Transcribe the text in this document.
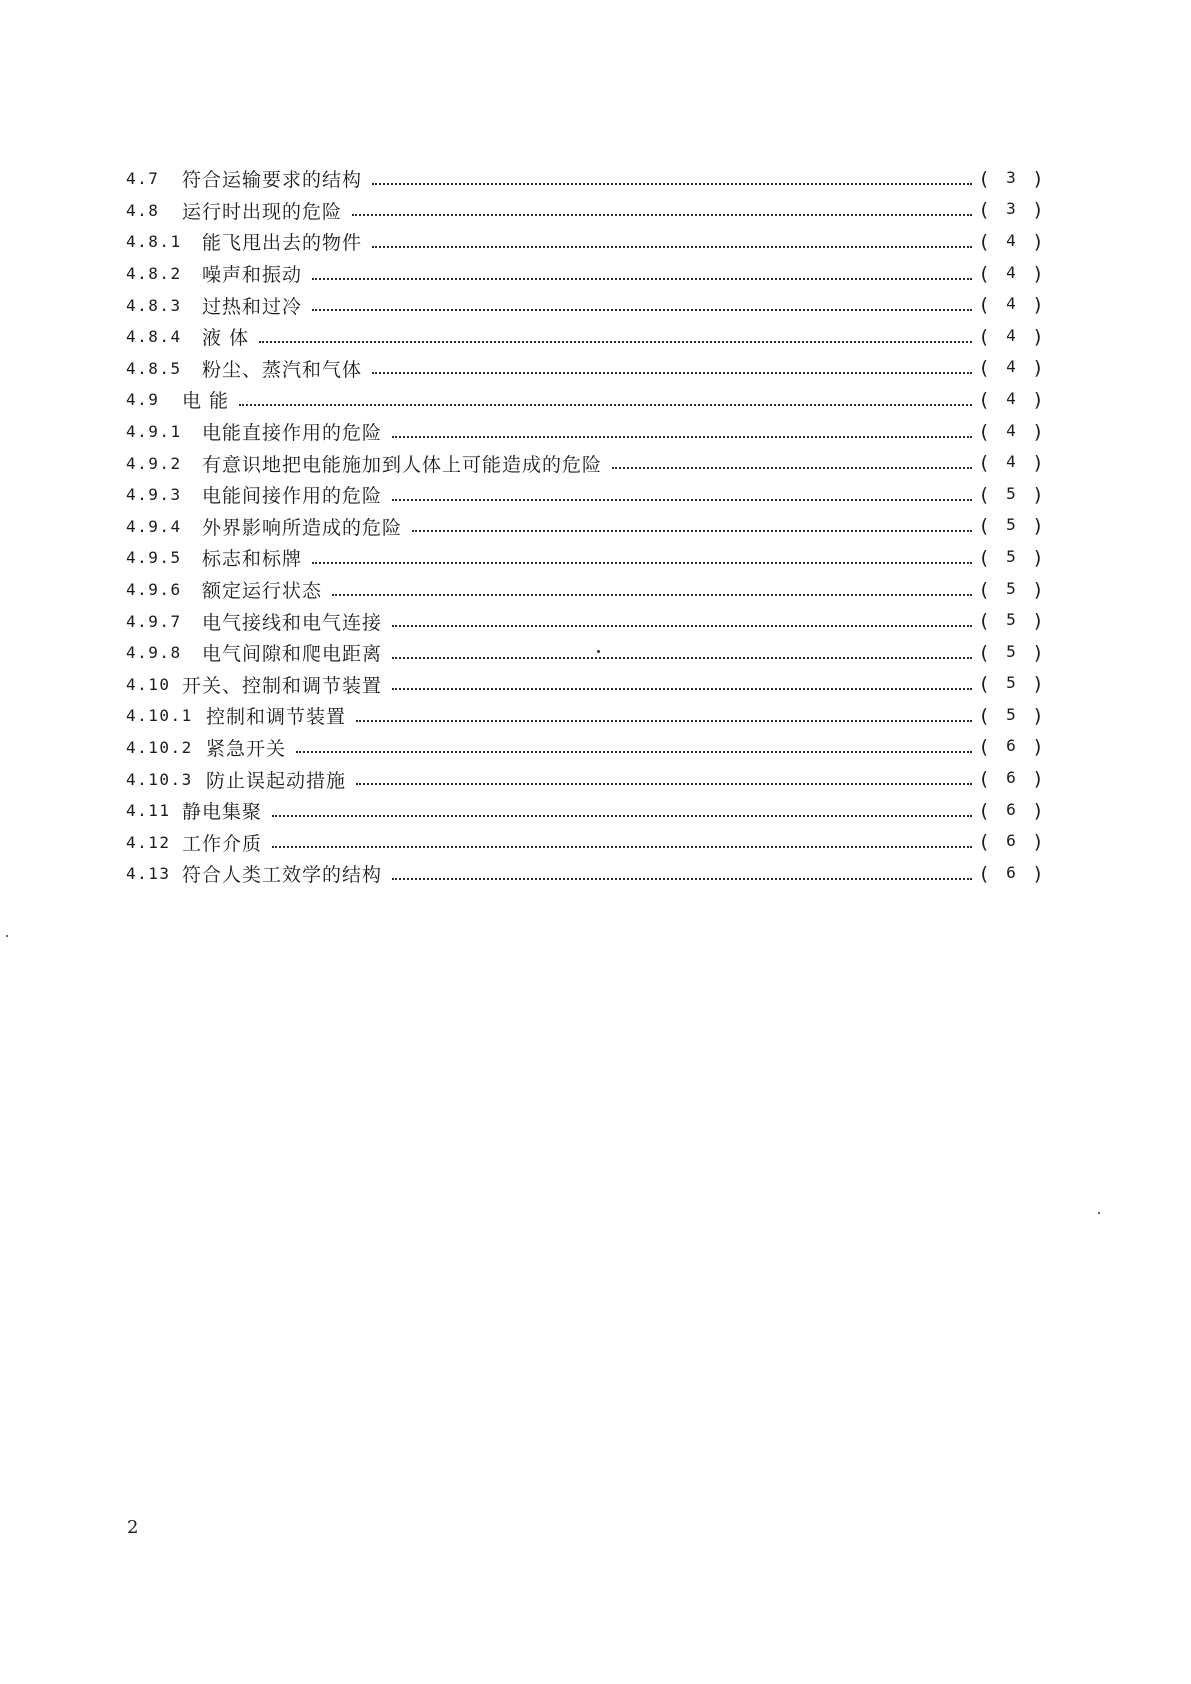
4.7	符合运输要求的结构	(	3 )
4.8	运行时出现的危险	(	3 )
4.8.1	能飞甩出去的物件	(	4 )
4.8.2	噪声和振动	(	4 )
4.8.3	过热和过冷	(	4 )
4.8.4	液 体	(	4 )
4.8.5	粉尘、蒸汽和气体	(	4 )
4.9	电 能	(	4 )
4.9.1	电能直接作用的危险	(	4 )
4.9.2	有意识地把电能施加到人体上可能造成的危险	(	4 )
4.9.3	电能间接作用的危险	(	5 )
4.9.4	外界影响所造成的危险	(	5 )
4.9.5	标志和标牌	(	5 )
4.9.6	额定运行状态	(	5 )
4.9.7	电气接线和电气连接	(	5 )
4.9.8	电气间隙和爬电距离	(	5 )
4.10 开关、控制和调节装置	(	5 )
4.10.1 控制和调节装置	(	5 )
4.10.2 紧急开关	(	6 )
4.10.3 防止误起动措施	(	6 )
4.11 静电集聚	(	6 )
4.12 工作介质	(	6 )
4.13 符合人类工效学的结构	(	6 )
2
